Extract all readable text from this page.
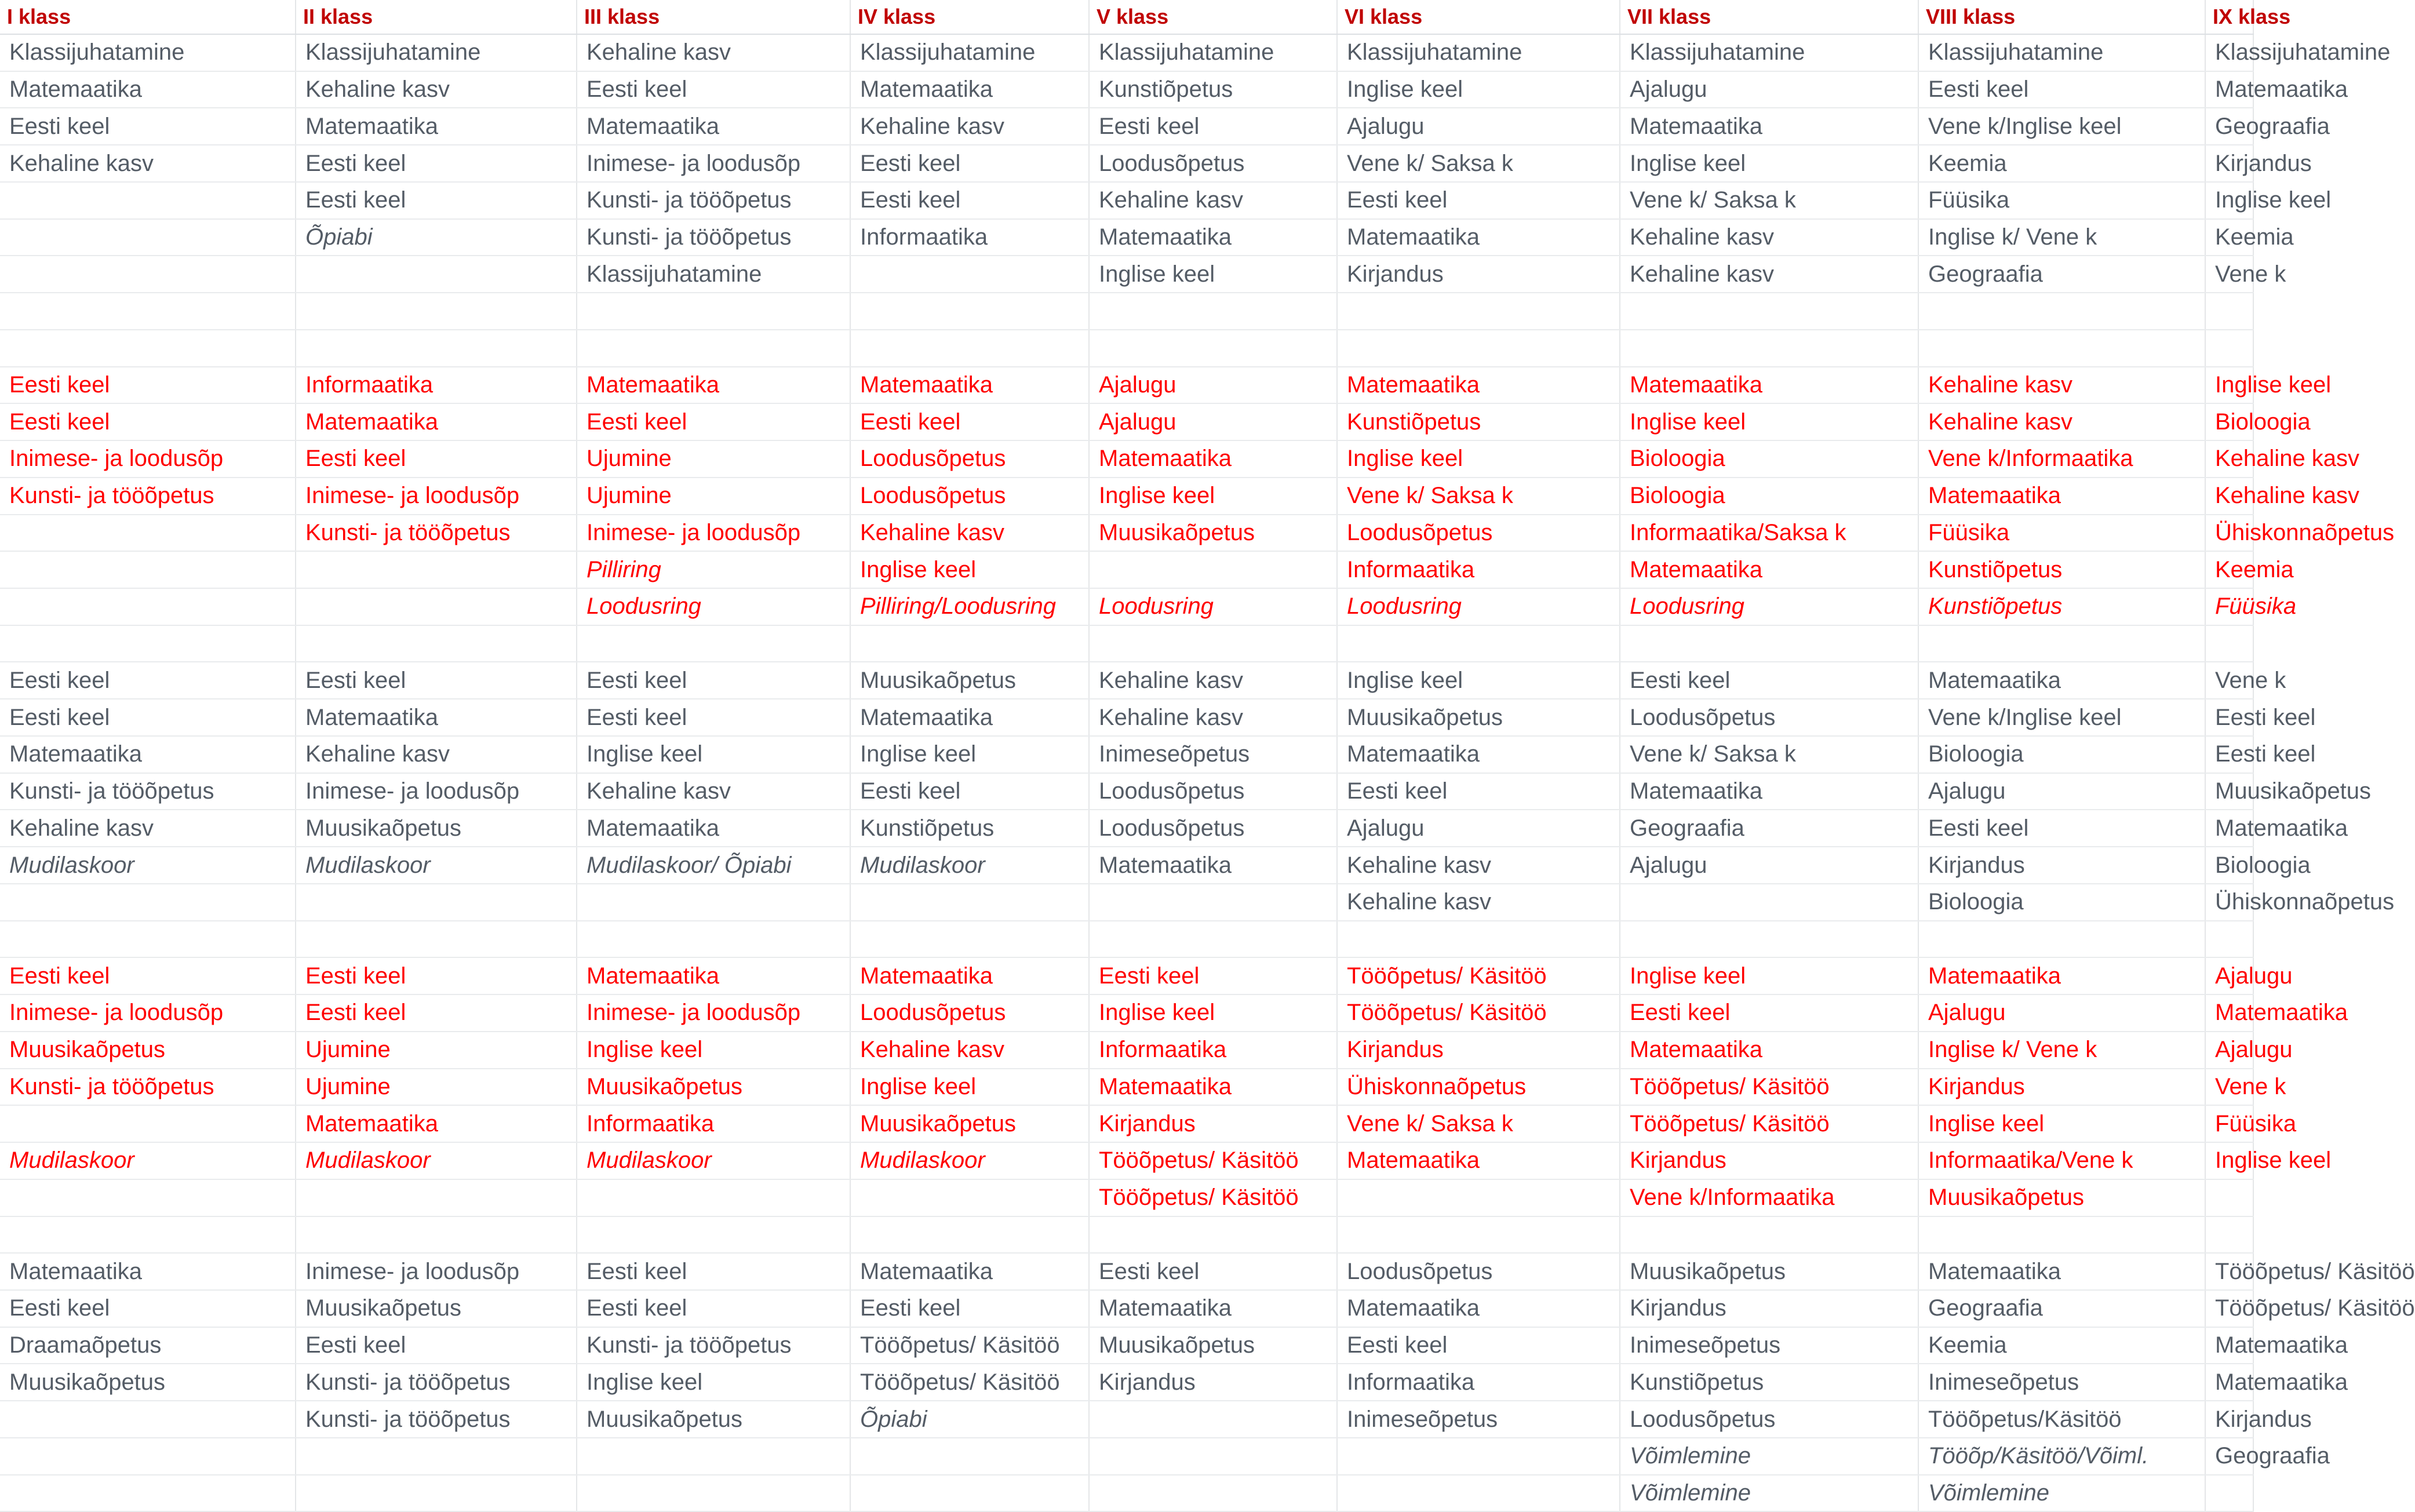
I klass	II klass	III klass	IV klass	V klass	VI klass	VII klass	VIII klass	IX klass
Klassijuhatamine	Klassijuhatamine	Kehaline kasv	Klassijuhatamine	Klassijuhatamine	Klassijuhatamine	Klassijuhatamine	Klassijuhatamine	Klassijuhatamine
Matemaatika	Kehaline kasv	Eesti keel	Matemaatika	Kunstiõpetus	Inglise keel	Ajalugu	Eesti keel	Matemaatika
Eesti keel	Matemaatika	Matemaatika	Kehaline kasv	Eesti keel	Ajalugu	Matemaatika	Vene k/Inglise keel	Geograafia
Kehaline kasv	Eesti keel	Inimese- ja loodusõp	Eesti keel	Loodusõpetus	Vene k/ Saksa k	Inglise keel	Keemia	Kirjandus
	Eesti keel	Kunsti- ja tööõpetus	Eesti keel	Kehaline kasv	Eesti keel	Vene k/ Saksa k	Füüsika	Inglise keel
	Õpiabi	Kunsti- ja tööõpetus	Informaatika	Matemaatika	Matemaatika	Kehaline kasv	Inglise k/ Vene k	Keemia
		Klassijuhatamine		Inglise keel	Kirjandus	Kehaline kasv	Geograafia	Vene k

Eesti keel	Informaatika	Matemaatika	Matemaatika	Ajalugu	Matemaatika	Matemaatika	Kehaline kasv	Inglise keel
Eesti keel	Matemaatika	Eesti keel	Eesti keel	Ajalugu	Kunstiõpetus	Inglise keel	Kehaline kasv	Bioloogia
Inimese- ja loodusõp	Eesti keel	Ujumine	Loodusõpetus	Matemaatika	Inglise keel	Bioloogia	Vene k/Informaatika	Kehaline kasv
Kunsti- ja tööõpetus	Inimese- ja loodusõp	Ujumine	Loodusõpetus	Inglise keel	Vene k/ Saksa k	Bioloogia	Matemaatika	Kehaline kasv
	Kunsti- ja tööõpetus	Inimese- ja loodusõp	Kehaline kasv	Muusikaõpetus	Loodusõpetus	Informaatika/Saksa k	Füüsika	Ühiskonnaõpetus
		Pilliring	Inglise keel		Informaatika	Matemaatika	Kunstiõpetus	Keemia
		Loodusring	Pilliring/Loodusring	Loodusring	Loodusring	Loodusring	Kunstiõpetus	Füüsika

Eesti keel	Eesti keel	Eesti keel	Muusikaõpetus	Kehaline kasv	Inglise keel	Eesti keel	Matemaatika	Vene k
Eesti keel	Matemaatika	Eesti keel	Matemaatika	Kehaline kasv	Muusikaõpetus	Loodusõpetus	Vene k/Inglise keel	Eesti keel
Matemaatika	Kehaline kasv	Inglise keel	Inglise keel	Inimeseõpetus	Matemaatika	Vene k/ Saksa k	Bioloogia	Eesti keel
Kunsti- ja tööõpetus	Inimese- ja loodusõp	Kehaline kasv	Eesti keel	Loodusõpetus	Eesti keel	Matemaatika	Ajalugu	Muusikaõpetus
Kehaline kasv	Muusikaõpetus	Matemaatika	Kunstiõpetus	Loodusõpetus	Ajalugu	Geograafia	Eesti keel	Matemaatika
Mudilaskoor	Mudilaskoor	Mudilaskoor/ Õpiabi	Mudilaskoor	Matemaatika	Kehaline kasv	Ajalugu	Kirjandus	Bioloogia
					Kehaline kasv		Bioloogia	Ühiskonnaõpetus

Eesti keel	Eesti keel	Matemaatika	Matemaatika	Eesti keel	Tööõpetus/ Käsitöö	Inglise keel	Matemaatika	Ajalugu
Inimese- ja loodusõp	Eesti keel	Inimese- ja loodusõp	Loodusõpetus	Inglise keel	Tööõpetus/ Käsitöö	Eesti keel	Ajalugu	Matemaatika
Muusikaõpetus	Ujumine	Inglise keel	Kehaline kasv	Informaatika	Kirjandus	Matemaatika	Inglise k/ Vene k	Ajalugu
Kunsti- ja tööõpetus	Ujumine	Muusikaõpetus	Inglise keel	Matemaatika	Ühiskonnaõpetus	Tööõpetus/ Käsitöö	Kirjandus	Vene k
	Matemaatika	Informaatika	Muusikaõpetus	Kirjandus	Vene k/ Saksa k	Tööõpetus/ Käsitöö	Inglise keel	Füüsika
Mudilaskoor	Mudilaskoor	Mudilaskoor	Mudilaskoor	Tööõpetus/ Käsitöö	Matemaatika	Kirjandus	Informaatika/Vene k	Inglise keel
				Tööõpetus/ Käsitöö		Vene k/Informaatika	Muusikaõpetus	

Matemaatika	Inimese- ja loodusõp	Eesti keel	Matemaatika	Eesti keel	Loodusõpetus	Muusikaõpetus	Matemaatika	Tööõpetus/ Käsitöö
Eesti keel	Muusikaõpetus	Eesti keel	Eesti keel	Matemaatika	Matemaatika	Kirjandus	Geograafia	Tööõpetus/ Käsitöö
Draamaõpetus	Eesti keel	Kunsti- ja tööõpetus	Tööõpetus/ Käsitöö	Muusikaõpetus	Eesti keel	Inimeseõpetus	Keemia	Matemaatika
Muusikaõpetus	Kunsti- ja tööõpetus	Inglise keel	Tööõpetus/ Käsitöö	Kirjandus	Informaatika	Kunstiõpetus	Inimeseõpetus	Matemaatika
	Kunsti- ja tööõpetus	Muusikaõpetus	Õpiabi		Inimeseõpetus	Loodusõpetus	Tööõpetus/Käsitöö	Kirjandus
						Võimlemine	Tööõp/Käsitöö/Võiml.	Geograafia
						Võimlemine	Võimlemine	
